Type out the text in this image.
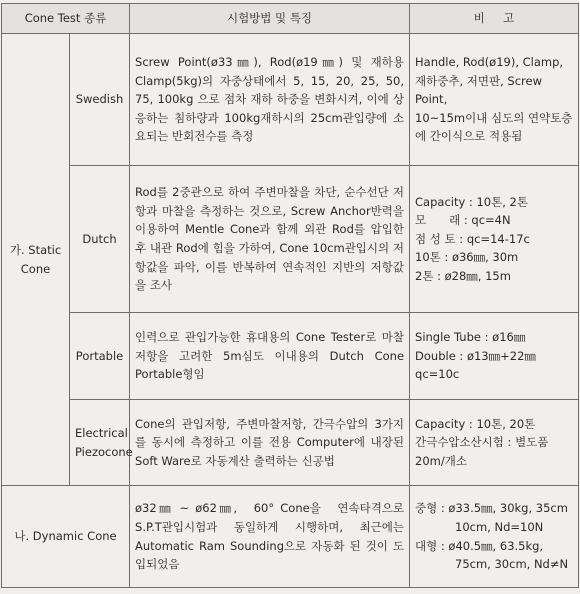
Cone Test 종류		시험방법 및 특징	비     고
가. Static Cone	Swedish	Screw Point(ø33㎜), Rod(ø19㎜) 및 재하용 Clamp(5kg)의 자중상태에서 5, 15, 20, 25, 50, 75, 100kg 으로 점차 재하 하중을 변화시켜, 이에 상응하는 침하량과 100kg재하시의 25cm관입량에 소요되는 반회전수를 측정	Handle, Rod(ø19), Clamp,
재하중추, 저면판, Screw Point,
10~15m이내 심도의 연약토층
에 간이식으로 적용됨

	Dutch	Rod를 2중관으로 하여 주변마찰을 차단, 순수선단 저항과 마찰을 측정하는 것으로, Screw Anchor반력을 이용하여 Mentle Cone과 함께 외관 Rod를 압입한 후 내관 Rod에 힘을 가하여, Cone 10cm관입시의 저항값을 파악, 이를 반복하여 연속적인 지반의 저항값을 조사	Capacity : 10톤, 2톤
모　　래 : qc=4N
점 성 토 : qc=14-17c
10톤 : ø36㎜, 30m
2톤 : ø28㎜, 15m

	Portable	인력으로 관입가능한 휴대용의 Cone Tester로 마찰저항을 고려한 5m심도 이내용의 Dutch Cone Portable형임	Single Tube : ø16㎜
Double : ø13㎜+22㎜
qc=10c

	Electrical Piezocone	Cone의 관입저항, 주변마찰저항, 간극수압의 3가지를 동시에 측정하고 이를 전용 Computer에 내장된 Soft Ware로 자동계산 출력하는 신공법	Capacity : 10톤, 20톤
간극수압소산시험 : 별도품
20m/개소

나. Dynamic Cone		ø32㎜ ~ ø62㎜,　60° Cone을　연속타격으로 S.P.T관입시험과 동일하게 시행하며, 최근에는 Automatic Ram Sounding으로 자동화 된 것이 도입되었음	중형 : ø33.5㎜, 30kg, 35cm
10cm, Nd=10N
대형 : ø40.5㎜, 63.5kg,
75cm, 30cm, Nd≠N
